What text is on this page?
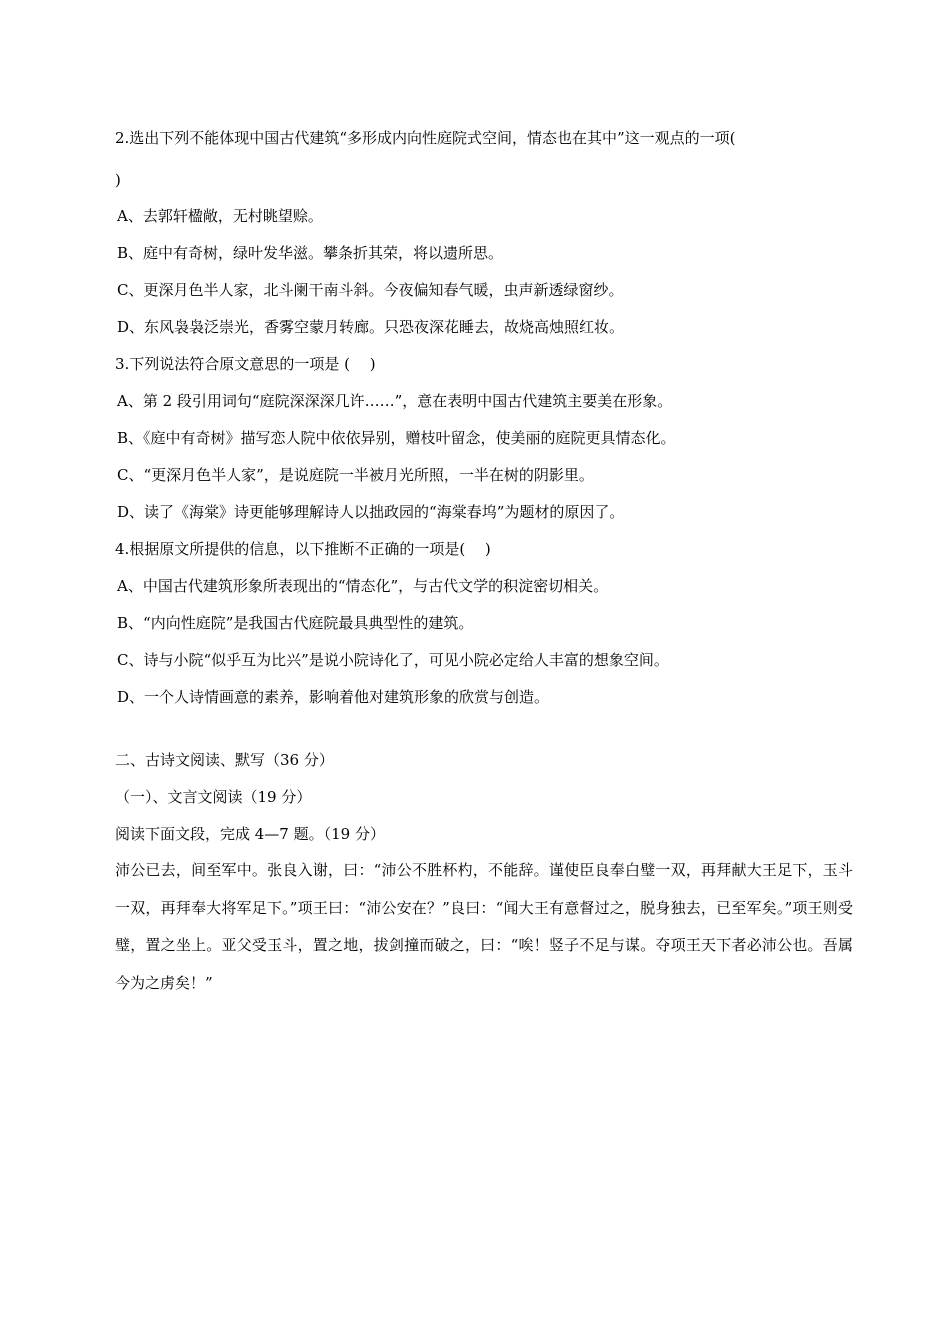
2.选出下列不能体现中国古代建筑“多形成内向性庭院式空间，情态也在其中”这一观点的一项(
)
A、去郭轩楹敞，无村眺望赊。
B、庭中有奇树，绿叶发华滋。攀条折其荣，将以遗所思。
C、更深月色半人家，北斗阑干南斗斜。今夜偏知春气暖，虫声新透绿窗纱。
D、东风袅袅泛崇光，香雾空蒙月转廊。只恐夜深花睡去，故烧高烛照红妆。
3.下列说法符合原文意思的一项是 (　 )
A、第 2 段引用词句“庭院深深深几许……”，意在表明中国古代建筑主要美在形象。
B、《庭中有奇树》描写恋人院中依依异别，赠枝叶留念，使美丽的庭院更具情态化。
C、“更深月色半人家”，是说庭院一半被月光所照，一半在树的阴影里。
D、读了《海棠》诗更能够理解诗人以拙政园的“海棠春坞”为题材的原因了。
4.根据原文所提供的信息，以下推断不正确的一项是(　 )
A、中国古代建筑形象所表现出的“情态化”，与古代文学的积淀密切相关。
B、“内向性庭院”是我国古代庭院最具典型性的建筑。
C、诗与小院“似乎互为比兴”是说小院诗化了，可见小院必定给人丰富的想象空间。
D、一个人诗情画意的素养，影响着他对建筑形象的欣赏与创造。
二、古诗文阅读、默写（36 分）
（一）、文言文阅读（19 分）
阅读下面文段，完成 4—7 题。（19 分）
沛公已去，间至军中。张良入谢，曰：“沛公不胜杯杓，不能辞。谨使臣良奉白璧一双，再拜献大王足下，玉斗一双，再拜奉大将军足下。”项王曰：“沛公安在？”良曰：“闻大王有意督过之，脱身独去，已至军矣。”项王则受璧，置之坐上。亚父受玉斗，置之地，拔剑撞而破之，曰：“唉！竖子不足与谋。夺项王天下者必沛公也。吾属今为之虏矣！”
